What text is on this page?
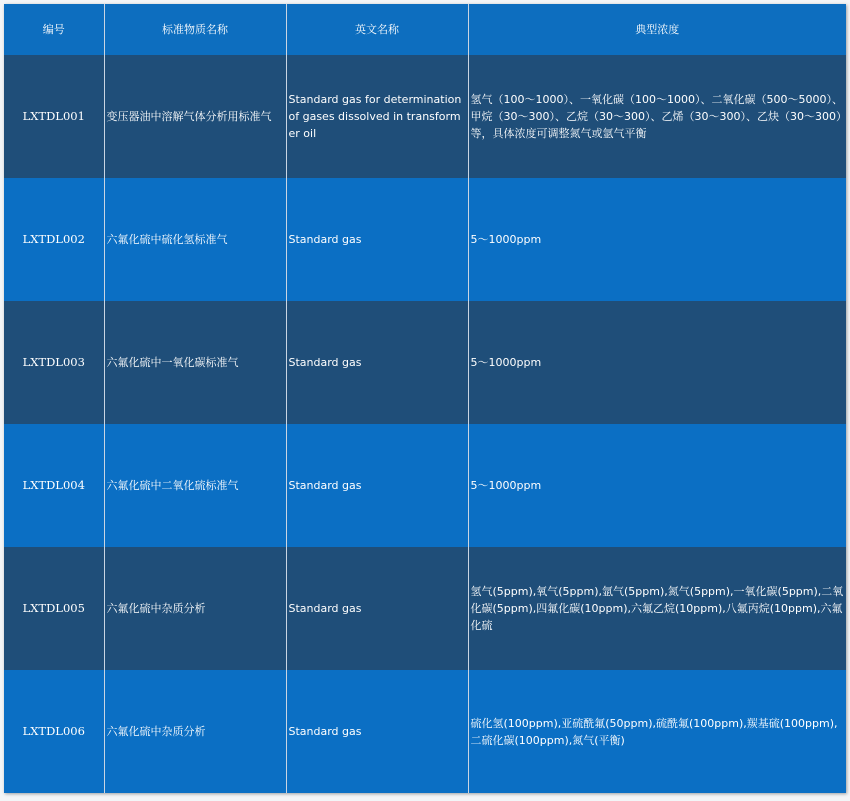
编号	标准物质名称	英文名称	典型浓度
LXTDL001	变压器油中溶解气体分析用标准气	Standard gas for determination of gases dissolved in transformer oil	氢气（100～1000）、一氧化碳（100～1000）、二氧化碳（500～5000）、甲烷（30～300）、乙烷（30～300）、乙烯（30～300）、乙炔（30～300）等，具体浓度可调整氮气或氩气平衡
LXTDL002	六氟化硫中硫化氢标准气	Standard gas	5～1000ppm
LXTDL003	六氟化硫中一氧化碳标准气	Standard gas	5～1000ppm
LXTDL004	六氟化硫中二氧化硫标准气	Standard gas	5～1000ppm
LXTDL005	六氟化硫中杂质分析	Standard gas	氢气(5ppm),氧气(5ppm),氩气(5ppm),氮气(5ppm),一氧化碳(5ppm),二氧化碳(5ppm),四氟化碳(10ppm),六氟乙烷(10ppm),八氟丙烷(10ppm),六氟化硫
LXTDL006	六氟化硫中杂质分析	Standard gas	硫化氢(100ppm),亚硫酰氟(50ppm),硫酰氟(100ppm),羰基硫(100ppm),二硫化碳(100ppm),氮气(平衡)
